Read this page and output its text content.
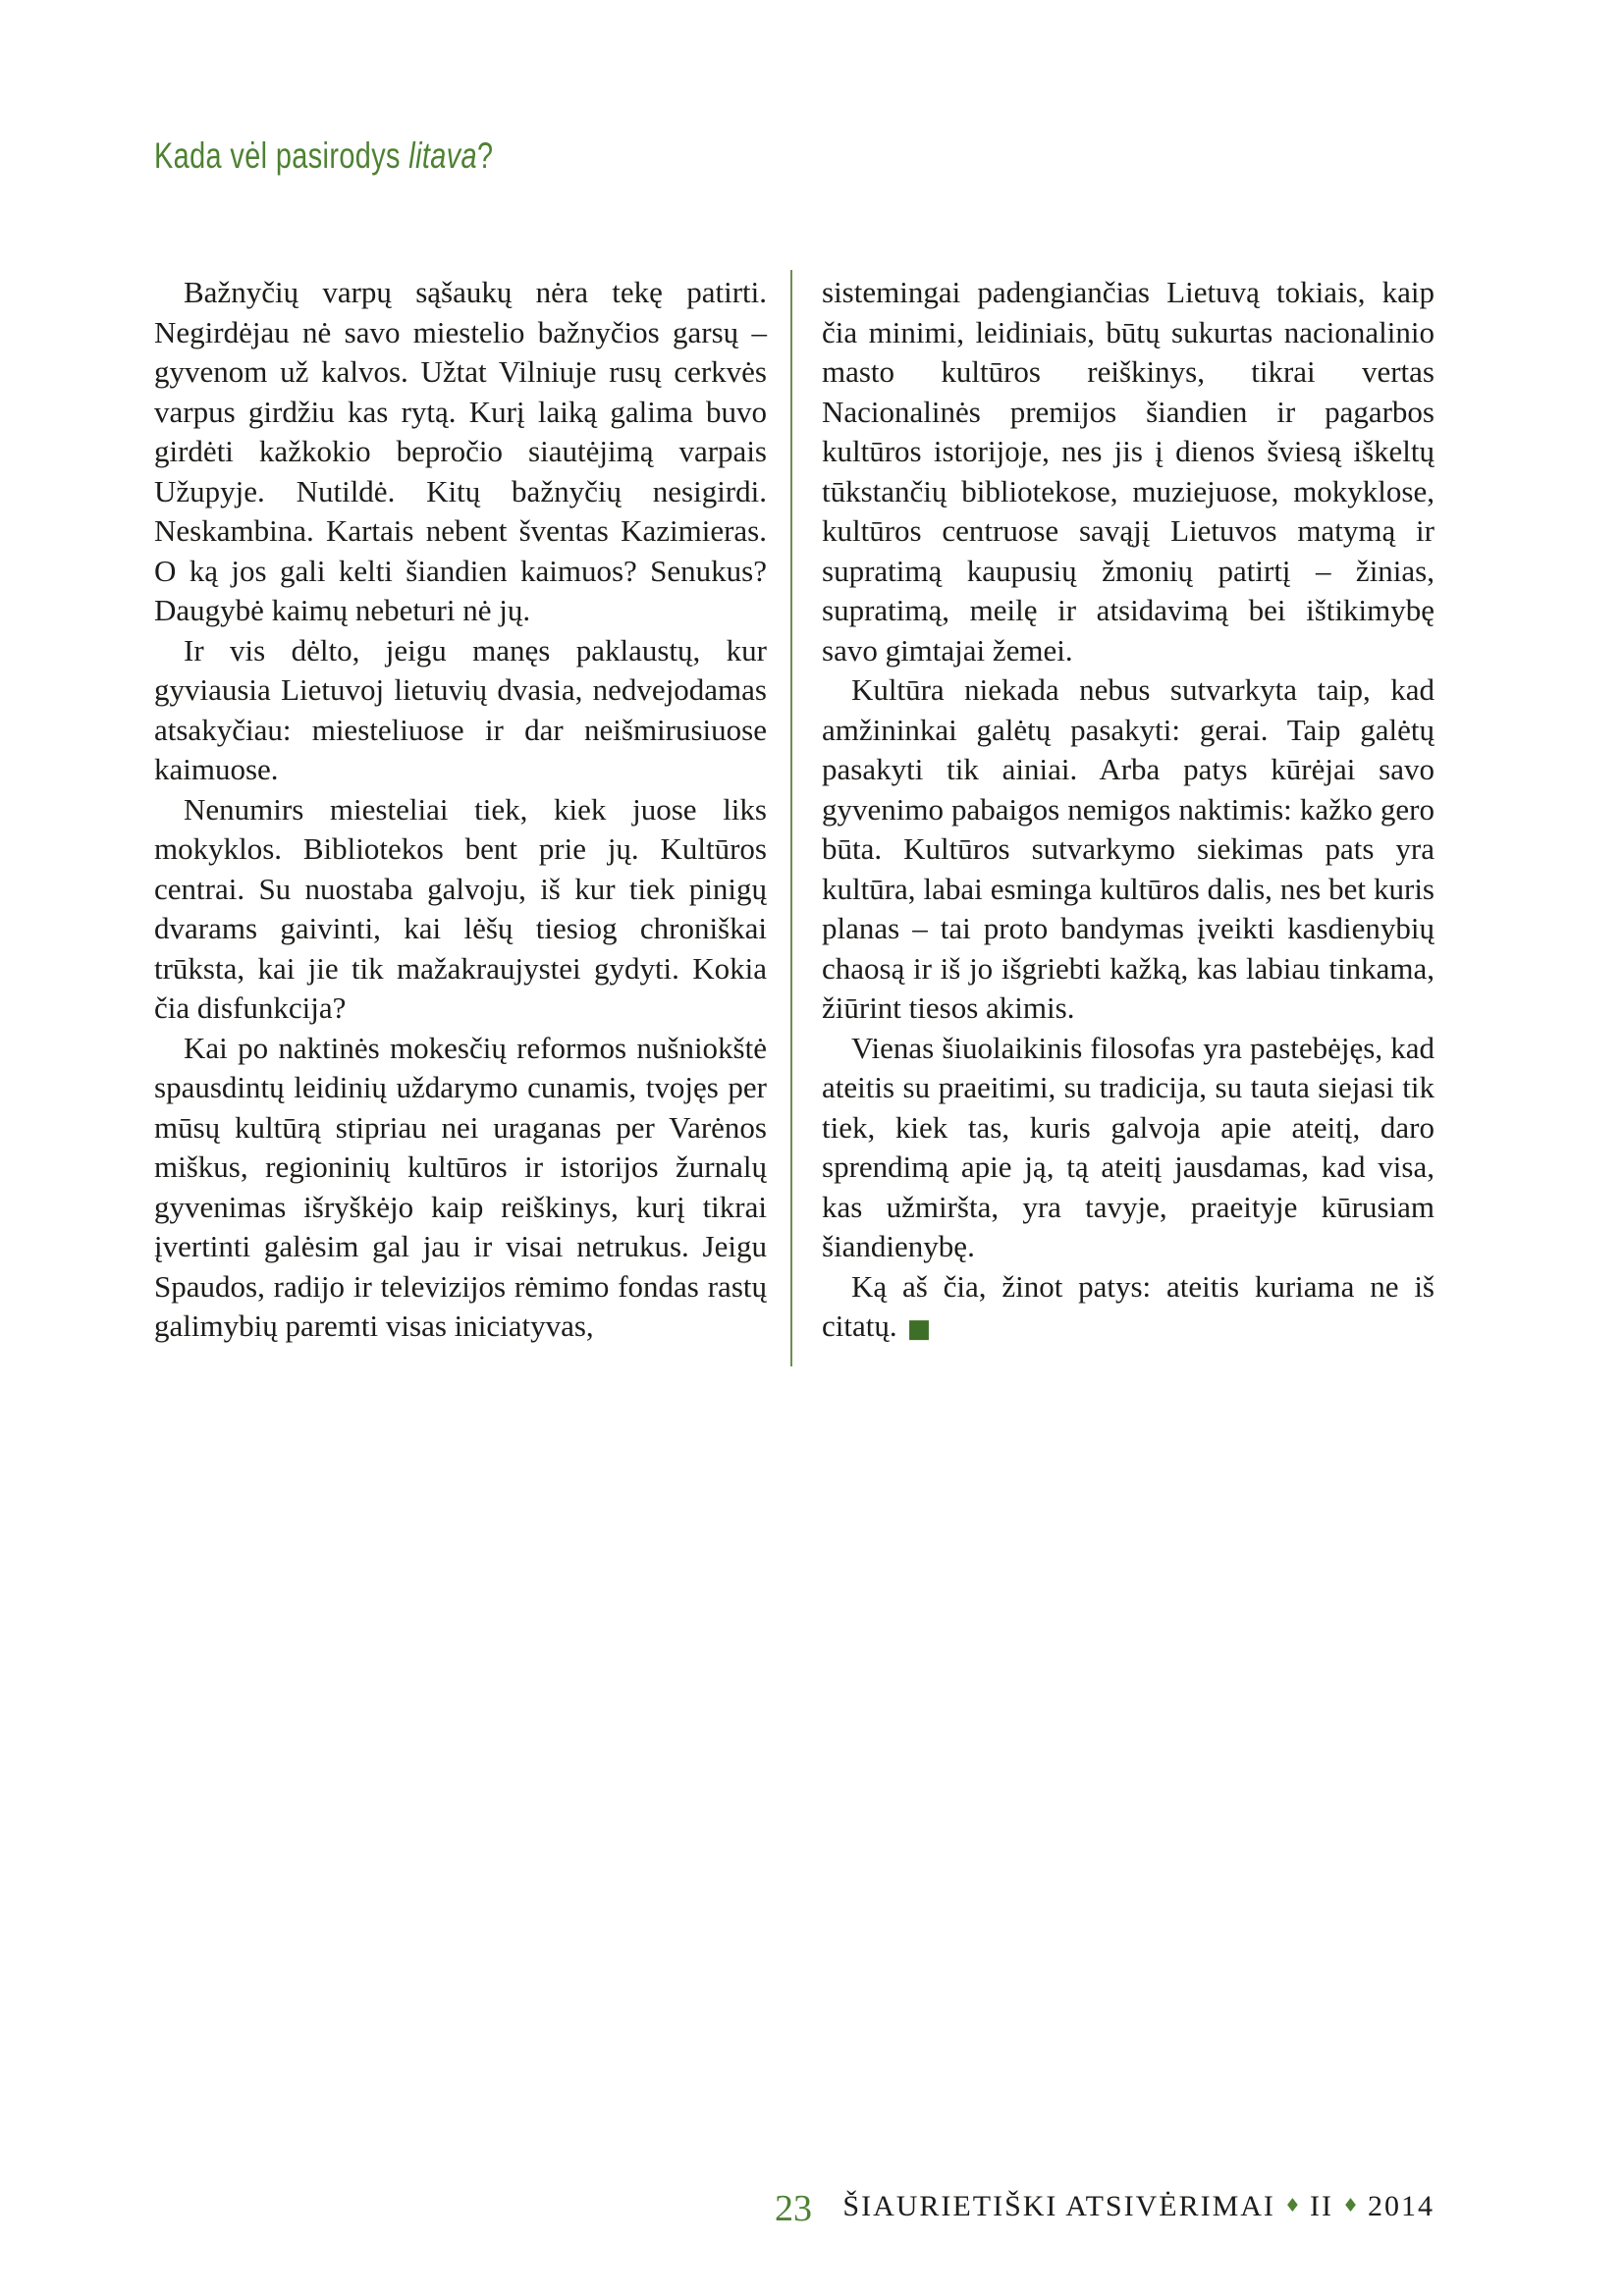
Kada vėl pasirodys litava?

Bažnyčių varpų sąšaukų nėra tekę patirti. Negirdėjau nė savo miestelio bažnyčios garsų – gyvenom už kalvos. Užtat Vilniuje rusų cerkvės varpus girdžiu kas rytą. Kurį laiką galima buvo girdėti kažkokio bepročio siautėjimą varpais Užupyje. Nutildė. Kitų bažnyčių nesigirdi. Neskambina. Kartais nebent šventas Kazimieras. O ką jos gali kelti šiandien kaimuos? Senukus? Daugybė kaimų nebeturi nė jų.

Ir vis dėlto, jeigu manęs paklaustų, kur gyviausia Lietuvoj lietuvių dvasia, nedvejodamas atsakyčiau: miesteliuose ir dar neišmirusiuose kaimuose.

Nenumirs miesteliai tiek, kiek juose liks mokyklos. Bibliotekos bent prie jų. Kultūros centrai. Su nuostaba galvoju, iš kur tiek pinigų dvarams gaivinti, kai lėšų tiesiog chroniškai trūksta, kai jie tik mažakraujystei gydyti. Kokia čia disfunkcija?

Kai po naktinės mokesčių reformos nušniokštė spausdintų leidinių uždarymo cunamis, tvojęs per mūsų kultūrą stipriau nei uraganas per Varėnos miškus, regioninių kultūros ir istorijos žurnalų gyvenimas išryškėjo kaip reiškinys, kurį tikrai įvertinti galėsim gal jau ir visai netrukus. Jeigu Spaudos, radijo ir televizijos rėmimo fondas rastų galimybių paremti visas iniciatyvas,

sistemingai padengiančias Lietuvą tokiais, kaip čia minimi, leidiniais, būtų sukurtas nacionalinio masto kultūros reiškinys, tikrai vertas Nacionalinės premijos šiandien ir pagarbos kultūros istorijoje, nes jis į dienos šviesą iškeltų tūkstančių bibliotekose, muziejuose, mokyklose, kultūros centruose savąjį Lietuvos matymą ir supratimą kaupusių žmonių patirtį – žinias, supratimą, meilę ir atsidavimą bei ištikimybę savo gimtajai žemei.

Kultūra niekada nebus sutvarkyta taip, kad amžininkai galėtų pasakyti: gerai. Taip galėtų pasakyti tik ainiai. Arba patys kūrėjai savo gyvenimo pabaigos nemigos naktimis: kažko gero būta. Kultūros sutvarkymo siekimas pats yra kultūra, labai esminga kultūros dalis, nes bet kuris planas – tai proto bandymas įveikti kasdienybių chaosą ir iš jo išgriebti kažką, kas labiau tinkama, žiūrint tiesos akimis.

Vienas šiuolaikinis filosofas yra pastebėjęs, kad ateitis su praeitimi, su tradicija, su tauta siejasi tik tiek, kiek tas, kuris galvoja apie ateitį, daro sprendimą apie ją, tą ateitį jausdamas, kad visa, kas užmiršta, yra tavyje, praeityje kūrusiam šiandienybę.

Ką aš čia, žinot patys: ateitis kuriama ne iš citatų. ■

23 ŠIAURIETIŠKI ATSIVĖRIMAI ♦ II ♦ 2014
